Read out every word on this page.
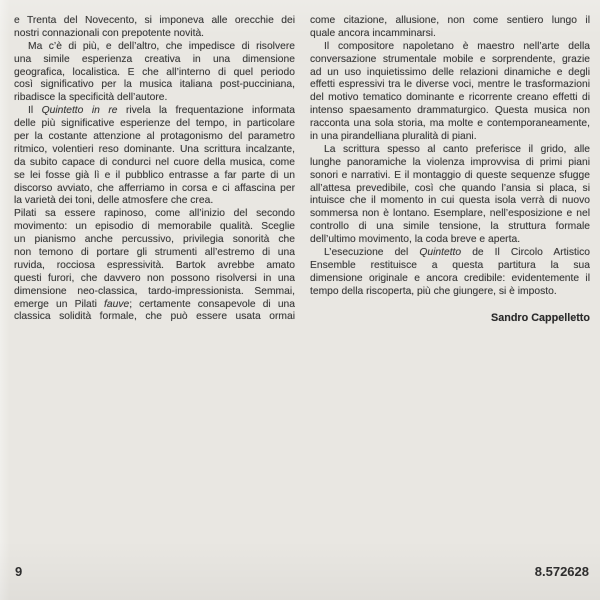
e Trenta del Novecento, si imponeva alle orecchie dei
nostri connazionali con prepotente novità.
Ma c’è di più, e dell’altro, che impedisce di risolvere
una simile esperienza creativa in una dimensione
geografica, localistica. E che all’interno di quel periodo
così significativo per la musica italiana post-pucciniana,
ribadisce la specificità dell’autore.
Il Quintetto in re rivela la frequentazione informata
delle più significative esperienze del tempo, in particolare
per la costante attenzione al protagonismo del parametro
ritmico, volentieri reso dominante. Una scrittura incalzante,
da subito capace di condurci nel cuore della musica, come
se lei fosse già lì e il pubblico entrasse a far parte di un
discorso avviato, che afferriamo in corsa e ci affascina per
la varietà dei toni, delle atmosfere che crea.
Pilati sa essere rapinoso, come all’inizio del secondo
movimento: un episodio di memorabile qualità. Sceglie
un pianismo anche percussivo, privilegia sonorità che
non temono di portare gli strumenti all’estremo di una
ruvida, rocciosa espressività. Bartok avrebbe amato
questi furori, che davvero non possono risolversi in una
dimensione neo-classica, tardo-impressionista. Semmai,
emerge un Pilati fauve; certamente consapevole di una
classica solidità formale, che può essere usata ormai
come citazione, allusione, non come sentiero lungo il
quale ancora incamminarsi.
Il compositore napoletano è maestro nell’arte della
conversazione strumentale mobile e sorprendente, grazie
ad un uso inquietissimo delle relazioni dinamiche e degli
effetti espressivi tra le diverse voci, mentre le trasformazioni
del motivo tematico dominante e ricorrente creano effetti di
intenso spaesamento drammaturgico. Questa musica non
racconta una sola storia, ma molte e contemporaneamente,
in una pirandelliana pluralità di piani.
La scrittura spesso al canto preferisce il grido, alle
lunghe panoramiche la violenza improvvisa di primi piani
sonori e narrativi. E il montaggio di queste sequenze sfugge
all’attesa prevedibile, così che quando l’ansia si placa, si
intuisce che il momento in cui questa isola verrà di nuovo
sommersa non è lontano. Esemplare, nell’esposizione e nel
controllo di una simile tensione, la struttura formale
dell’ultimo movimento, la coda breve e aperta.
L’esecuzione del Quintetto de Il Circolo Artistico
Ensemble restituisce a questa partitura la sua
dimensione originale e ancora credibile: evidentemente il
tempo della riscoperta, più che giungere, si è imposto.
Sandro Cappelletto
9	8.572628
